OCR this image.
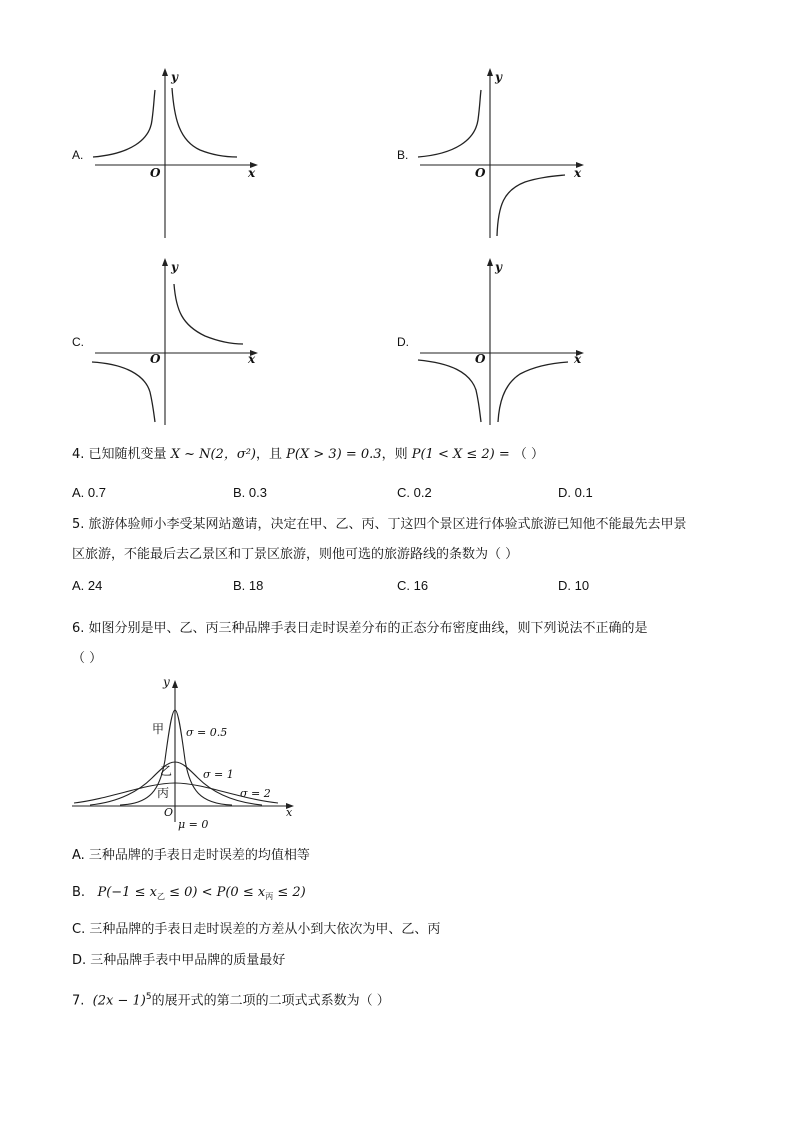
A.
y
x
O
B.
y
x
O
C.
y
x
O
D.
y
x
O
4. 已知随机变量 X ~ N(2，σ²)，且 P(X > 3) = 0.3，则 P(1 < X ≤ 2) = （ ）
A. 0.7	B. 0.3	C. 0.2	D. 0.1
5. 旅游体验师小李受某网站邀请，决定在甲、乙、丙、丁这四个景区进行体验式旅游已知他不能最先去甲景
区旅游，不能最后去乙景区和丁景区旅游，则他可选的旅游路线的条数为（ ）
A. 24	B. 18	C. 16	D. 10
6. 如图分别是甲、乙、丙三种品牌手表日走时误差分布的正态分布密度曲线，则下列说法不正确的是
（ ）
y
x
O
甲
乙
丙
σ = 0.5
σ = 1
σ = 2
μ = 0
A. 三种品牌的手表日走时误差的均值相等
B. $P(-1 \le x_乙 \le 0) < P(0 \le x_丙 \le 2)$
C. 三种品牌的手表日走时误差的方差从小到大依次为甲、乙、丙
D. 三种品牌手表中甲品牌的质量最好
7. $(2x - 1)^5$的展开式的第二项的二项式式系数为（ ）
